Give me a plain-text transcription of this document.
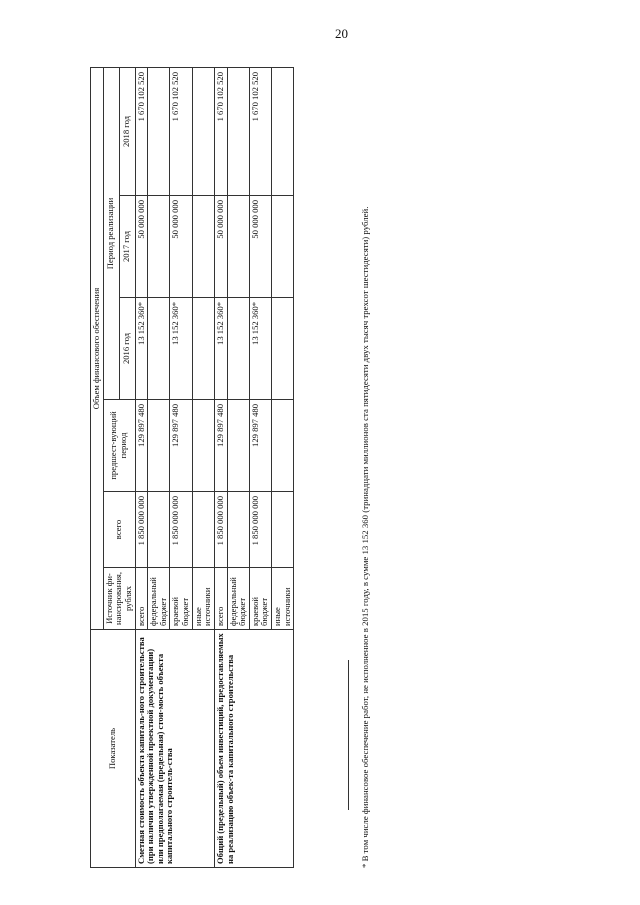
20
Показатель	Объем финансового обеспечения					
	Источник фи-нансирования, рублях	всего	предшест-вующий период	Период реализации		
				2016 год	2017 год	2018 год
Сметная стоимость объекта капиталь-ного строительства (при наличии утвержденной проектной документации) или предполагаемая (предельная) стои-мость объекта капитального строитель-ства	всего	1 850 000 000	129 897 480	13 152 360*	50 000 000	1 670 102 520
	федеральный бюджет					
	краевой бюджет	1 850 000 000	129 897 480	13 152 360*	50 000 000	1 670 102 520
	иные источники					
Общий (предельный) объем инвестиций, предоставляемых на реализацию объек-та капитального строительства	всего	1 850 000 000	129 897 480	13 152 360*	50 000 000	1 670 102 520
	федеральный бюджет					
	краевой бюджет	1 850 000 000	129 897 480	13 152 360*	50 000 000	1 670 102 520
	иные источники						* В том числе финансовое обеспечение работ, не исполненное в 2015 году, в сумме 13 152 360 (тринадцати миллионов ста пятидесяти двух тысяч трехсот шестидесяти) рублей.
